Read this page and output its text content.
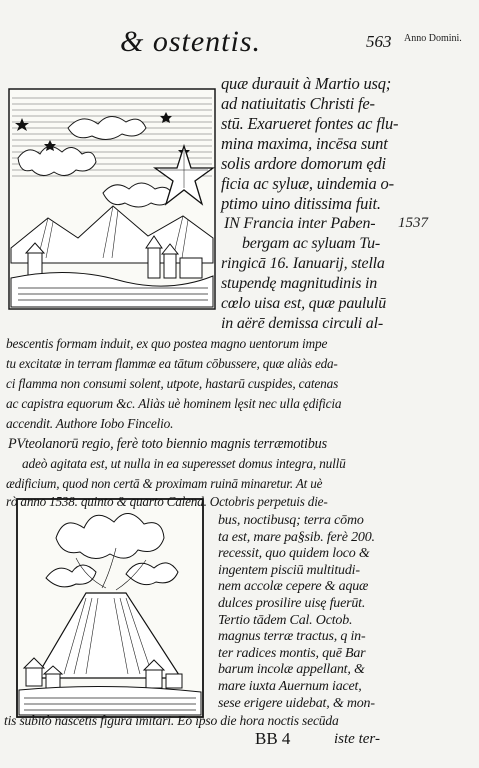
& ostentis.	563 Anno Domini.
1537
quæ durauit à Martio usq;
ad natiuitatis Christi fe-
stū. Exarueret fontes ac flu-
mina maxima, incēsa sunt
solis ardore domorum ędi
ficia ac syluæ, uindemia o-
ptimo uino ditissima fuit.
IN Francia inter Paben-
bergam ac syluam Tu-
ringicā 16. Ianuarij, stella
stupendę magnitudinis in
cœlo uisa est, quæ paululū
in aërē demissa circuli al-
bescentis formam induit, ex quo postea magno uentorum impe
tu excitatæ in terram flammæ ea tātum cōbussere, quæ aliàs eda-
ci flamma non consumi solent, utpote, hastarū cuspides, catenas
ac capistra equorum &c. Aliàs uè hominem lęsit nec ulla ędificia
accendit. Authore Iobo Fincelio.
PVteolanorū regio, ferè toto biennio magnis terræmotibus
adeò agitata est, ut nulla in ea superesset domus integra, nullū
ædificium, quod non certā & proximam ruinā minaretur. At uè
rò anno 1538. quinto & quarto Calend. Octobris perpetuis die-
bus, noctibusq; terra cōmo
ta est, mare pa§sib. ferè 200.
recessit, quo quidem loco &
ingentem pisciū multitudi-
nem accolæ cepere & aquæ
dulces prosilire uisę fuerūt.
Tertio tādem Cal. Octob.
magnus terræ tractus, q in-
ter radices montis, quē Bar
barum incolæ appellant, &
mare iuxta Auernum iacet,
sese erigere uidebat, & mon-
tis subitò nascētis figurā imitari. Eo ipso die hora noctis secūda
BB 4	iste ter-
